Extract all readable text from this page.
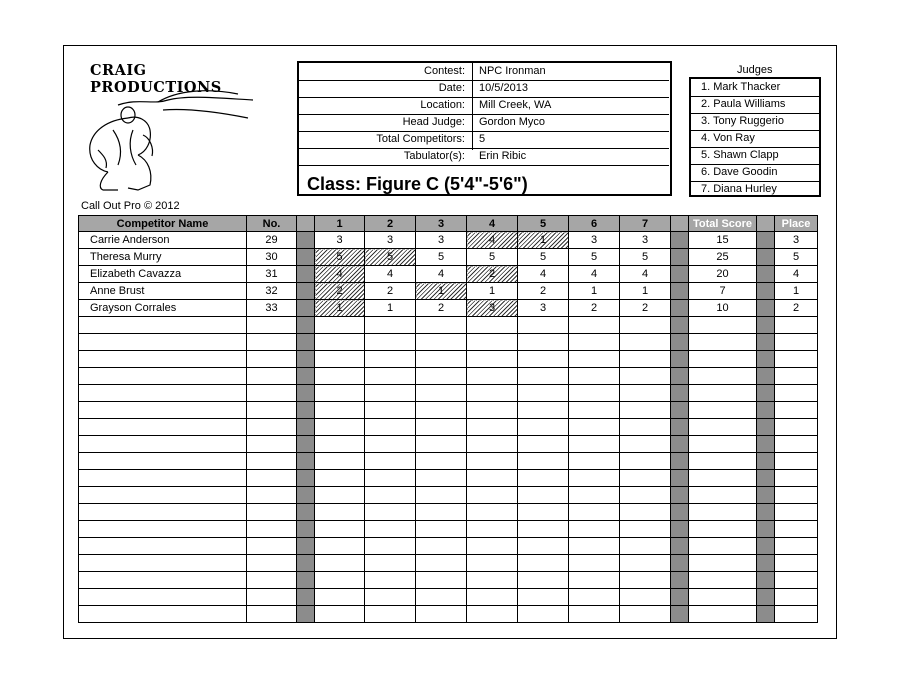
CRAIG
PRODUCTIONS
Call Out Pro © 2012
Contest: NPC Ironman
Date: 10/5/2013
Location: Mill Creek, WA
Head Judge: Gordon Myco
Total Competitors: 5
Tabulator(s): Erin Ribic
Class: Figure C (5'4"-5'6")
Judges
1. Mark Thacker
2. Paula Williams
3. Tony Ruggerio
4. Von Ray
5. Shawn Clapp
6. Dave Goodin
7. Diana Hurley
Competitor Name	No.		1	2	3	4	5	6	7		Total Score		Place
Carrie Anderson	29		3	3	3	4	1	3	3		15		3
Theresa Murry	30		5	5	5	5	5	5	5		25		5
Elizabeth Cavazza	31		4	4	4	2	4	4	4		20		4
Anne Brust	32		2	2	1	1	2	1	1		7		1
Grayson Corrales	33		1	1	2	3	3	2	2		10		2
